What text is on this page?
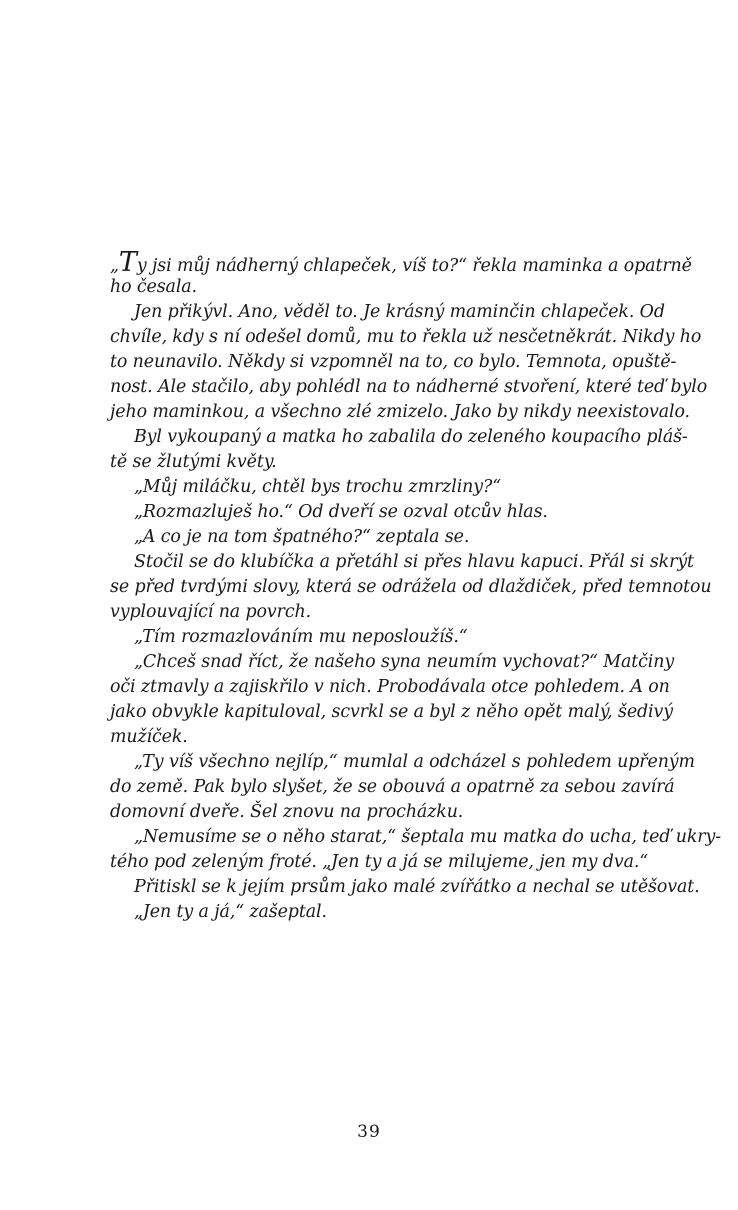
„Ty jsi můj nádherný chlapeček, víš to?“ řekla maminka a opatrně
ho česala.
Jen přikývl. Ano, věděl to. Je krásný maminčin chlapeček. Od
chvíle, kdy s ní odešel domů, mu to řekla už nesčetněkrát. Nikdy ho
to neunavilo. Někdy si vzpomněl na to, co bylo. Temnota, opuště-
nost. Ale stačilo, aby pohlédl na to nádherné stvoření, které teď bylo
jeho maminkou, a všechno zlé zmizelo. Jako by nikdy neexistovalo.
Byl vykoupaný a matka ho zabalila do zeleného koupacího pláš-
tě se žlutými květy.
„Můj miláčku, chtěl bys trochu zmrzliny?“
„Rozmazluješ ho.“ Od dveří se ozval otcův hlas.
„A co je na tom špatného?“ zeptala se.
Stočil se do klubíčka a přetáhl si přes hlavu kapuci. Přál si skrýt
se před tvrdými slovy, která se odrážela od dlaždiček, před temnotou
vyplouvající na povrch.
„Tím rozmazlováním mu neposloužíš.“
„Chceš snad říct, že našeho syna neumím vychovat?“ Matčiny
oči ztmavly a zajiskřilo v nich. Probodávala otce pohledem. A on
jako obvykle kapituloval, scvrkl se a byl z něho opět malý, šedivý
mužíček.
„Ty víš všechno nejlíp,“ mumlal a odcházel s pohledem upřeným
do země. Pak bylo slyšet, že se obouvá a opatrně za sebou zavírá
domovní dveře. Šel znovu na procházku.
„Nemusíme se o něho starat,“ šeptala mu matka do ucha, teď ukry-
tého pod zeleným froté. „Jen ty a já se milujeme, jen my dva.“
Přitiskl se k jejím prsům jako malé zvířátko a nechal se utěšovat.
„Jen ty a já,“ zašeptal.
39
